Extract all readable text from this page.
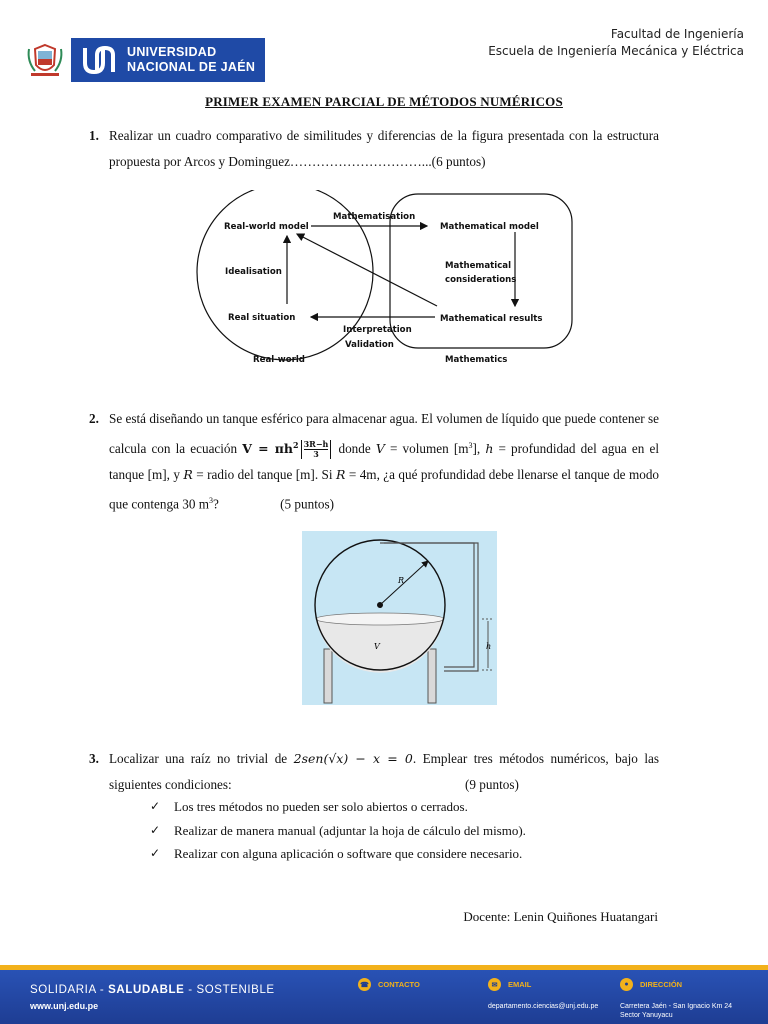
UNIVERSIDAD
NACIONAL DE JAÉN
Facultad de Ingeniería
Escuela de Ingeniería Mecánica y Eléctrica
PRIMER EXAMEN PARCIAL DE MÉTODOS NUMÉRICOS
1. Realizar un cuadro comparativo de similitudes y diferencias de la figura presentada con la estructura propuesta por Arcos y Dominguez…………………………...(6 puntos)
Real-world model
Mathematisation
Mathematical model
Idealisation
Mathematical
considerations
Real situation	Mathematical results
Interpretation
Validation
Real-world	Mathematics
2. Se está diseñando un tanque esférico para almacenar agua. El volumen de líquido que puede contener se calcula con la ecuación $V = \pi h^2 \frac{3R-h}{3}$ donde V = volumen $[m^3]$, h = profundidad del agua en el tanque [m], y R = radio del tanque [m]. Si R = 4m, ¿a qué profundidad debe llenarse el tanque de modo que contenga 30 $m^3$?	(5 puntos)
R
V	h
3. Localizar una raíz no trivial de 2sen(√x) − x = 0. Emplear tres métodos numéricos, bajo las siguientes condiciones:	(9 puntos)
✓	Los tres métodos no pueden ser solo abiertos o cerrados.
✓	Realizar de manera manual (adjuntar la hoja de cálculo del mismo).
✓	Realizar con alguna aplicación o software que considere necesario.
Docente: Lenin Quiñones Huatangari
SOLIDARIA - SALUDABLE - SOSTENIBLE
www.unj.edu.pe
☎ CONTACTO	✉	EMAIL
departamento.ciencias@unj.edu.pe
●	DIRECCIÓN
Carretera Jaén - San Ignacio Km 24
Sector Yanuyacu
